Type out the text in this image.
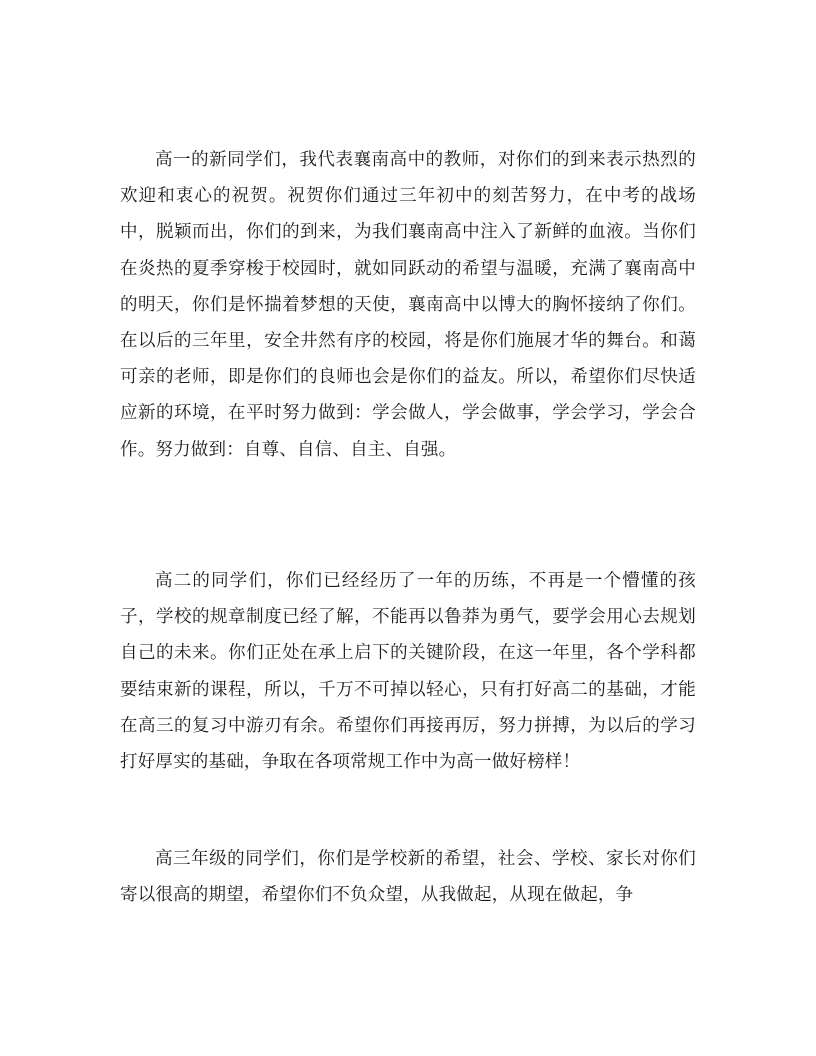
高一的新同学们，我代表襄南高中的教师，对你们的到来表示热烈的欢迎和衷心的祝贺。祝贺你们通过三年初中的刻苦努力，在中考的战场中，脱颖而出，你们的到来，为我们襄南高中注入了新鲜的血液。当你们在炎热的夏季穿梭于校园时，就如同跃动的希望与温暖，充满了襄南高中的明天，你们是怀揣着梦想的天使，襄南高中以博大的胸怀接纳了你们。在以后的三年里，安全井然有序的校园，将是你们施展才华的舞台。和蔼可亲的老师，即是你们的良师也会是你们的益友。所以，希望你们尽快适应新的环境，在平时努力做到：学会做人，学会做事，学会学习，学会合作。努力做到：自尊、自信、自主、自强。

高二的同学们，你们已经经历了一年的历练，不再是一个懵懂的孩子，学校的规章制度已经了解，不能再以鲁莽为勇气，要学会用心去规划自己的未来。你们正处在承上启下的关键阶段，在这一年里，各个学科都要结束新的课程，所以，千万不可掉以轻心，只有打好高二的基础，才能在高三的复习中游刃有余。希望你们再接再厉，努力拼搏，为以后的学习打好厚实的基础，争取在各项常规工作中为高一做好榜样！

高三年级的同学们，你们是学校新的希望，社会、学校、家长对你们寄以很高的期望，希望你们不负众望，从我做起，从现在做起，争
